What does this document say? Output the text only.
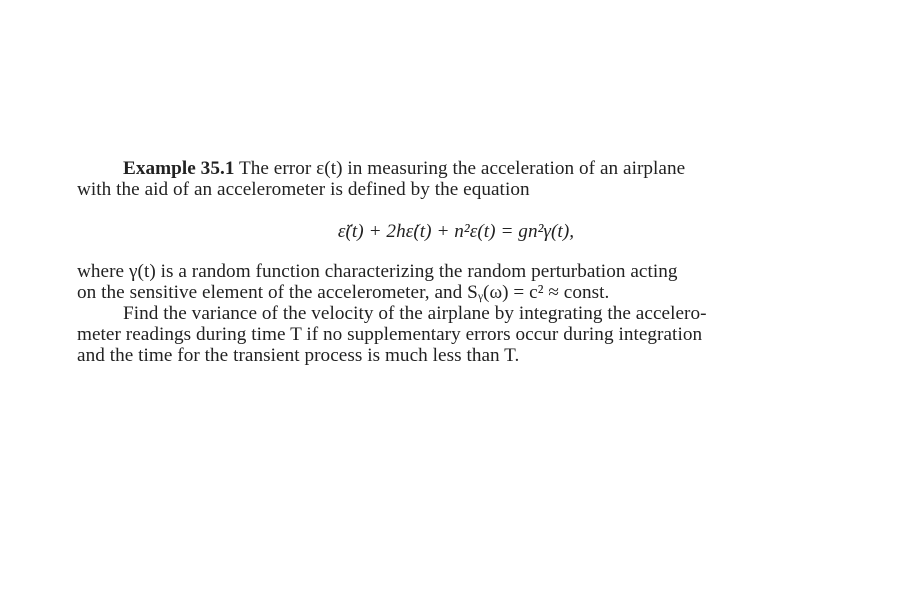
Example 35.1 The error ε(t) in measuring the acceleration of an airplane
with the aid of an accelerometer is defined by the equation
ε̈(t) + 2hε̇(t) + n²ε(t) = gn²γ(t),
where γ(t) is a random function characterizing the random perturbation acting
on the sensitive element of the accelerometer, and Sᵧ(ω) = c² ≈ const.
Find the variance of the velocity of the airplane by integrating the accelero-
meter readings during time T if no supplementary errors occur during integration
and the time for the transient process is much less than T.
